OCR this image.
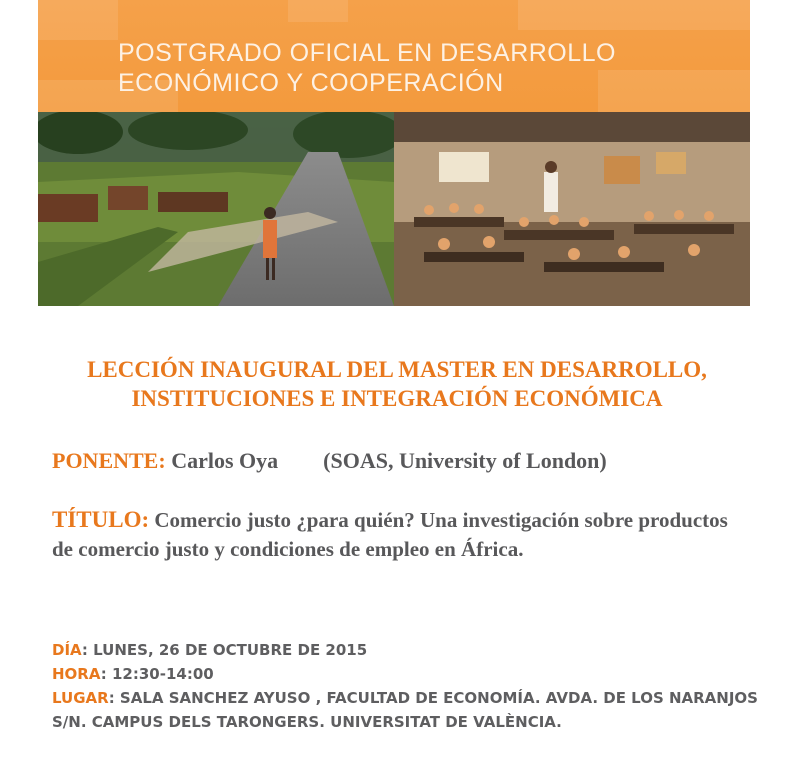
POSTGRADO OFICIAL EN DESARROLLO
ECONÓMICO Y COOPERACIÓN
LECCIÓN INAUGURAL DEL MASTER EN DESARROLLO,
INSTITUCIONES E INTEGRACIÓN ECONÓMICA

PONENTE: Carlos Oya (SOAS, University of London)

TÍTULO: Comercio justo ¿para quién? Una investigación sobre productos de comercio justo y condiciones de empleo en África.

DÍA: LUNES, 26 DE OCTUBRE DE 2015
HORA: 12:30-14:00
LUGAR: SALA SANCHEZ AYUSO , FACULTAD DE ECONOMÍA. AVDA. DE LOS NARANJOS S/N. CAMPUS DELS TARONGERS. UNIVERSITAT DE VALÈNCIA.
